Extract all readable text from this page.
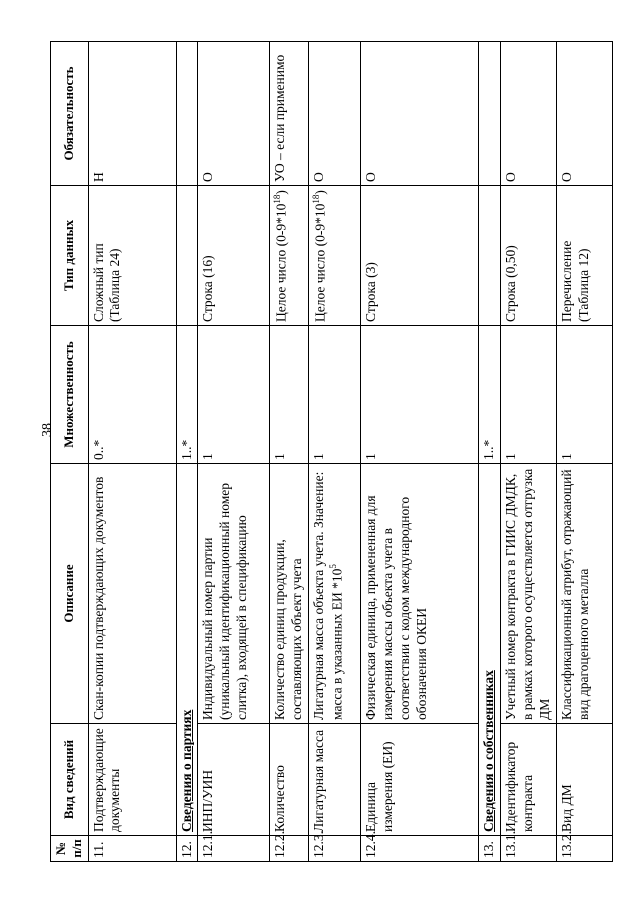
38
№ п/п	Вид сведений	Описание	Множественность	Тип данных	Обязательность
11.	Подтверждающие документы	Скан-копии подтверждающих документов	0..*	Сложный тип (Таблица 24)	Н
12.	Сведения о партиях		1..*		
12.1.	ИНП/УИН	Индивидуальный номер партии (уникальный идентификационный номер слитка), входящей в спецификацию	1	Строка (16)	О
12.2.	Количество	Количество единиц продукции, составляющих объект учета	1	Целое число $(0-9*10^{18})$	УО – если применимо
12.3.	Лигатурная масса	Лигатурная масса объекта учета. Значение: масса в указанных ЕИ $*10^5$	1	Целое число $(0-9*10^{18})$	О
12.4.	Единица измерения (ЕИ)	Физическая единица, примененная для измерения массы объекта учета в соответствии с кодом международного обозначения ОКЕИ	1	Строка (3)	О
13.	Сведения о собственниках		1..*		
13.1.	Идентификатор контракта	Учетный номер контракта в ГИИС ДМДК, в рамках которого осуществляется отгрузка ДМ	1	Строка (0,50)	О
13.2.	Вид ДМ	Классификационный атрибут, отражающий вид драгоценного металла	1	Перечисление (Таблица 12)	О
